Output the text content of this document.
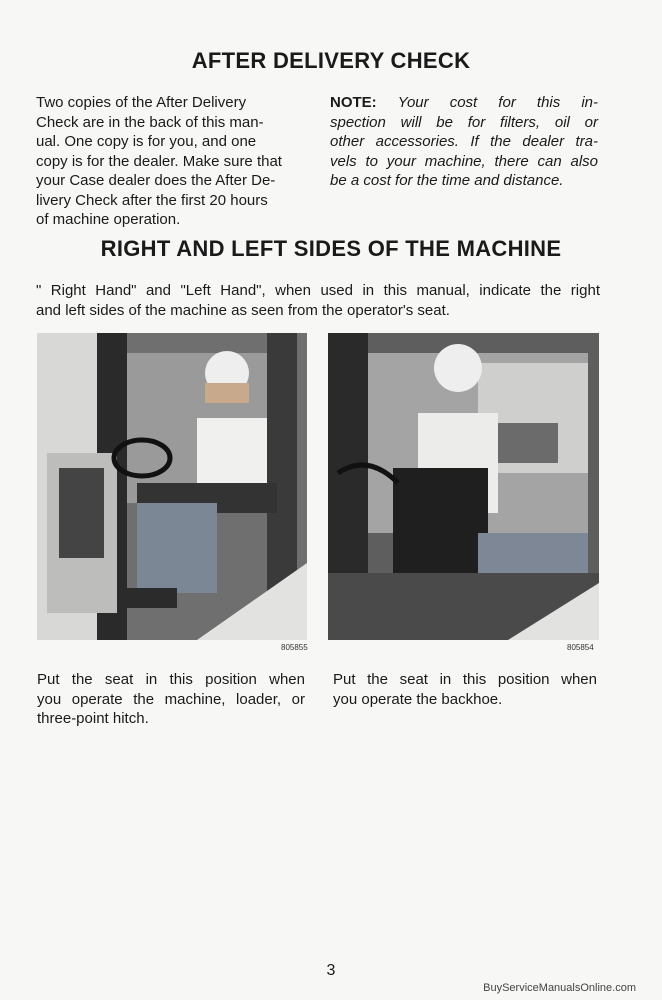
AFTER DELIVERY CHECK
Two copies of the After Delivery
Check are in the back of this man-
ual. One copy is for you, and one
copy is for the dealer. Make sure that
your Case dealer does the After De-
livery Check after the first 20 hours
of machine operation.
NOTE: Your cost for this in-
spection will be for filters, oil or
other accessories. If the dealer tra-
vels to your machine, there can also
be a cost for the time and distance.
RIGHT AND LEFT SIDES OF THE MACHINE
" Right Hand" and "Left Hand", when used in this manual, indicate the right
and left sides of the machine as seen from the operator's seat.
805855	805854
Put the seat in this position when
you operate the machine, loader, or
three-point hitch.
Put the seat in this position when
you operate the backhoe.
3
BuyServiceManualsOnline.com
